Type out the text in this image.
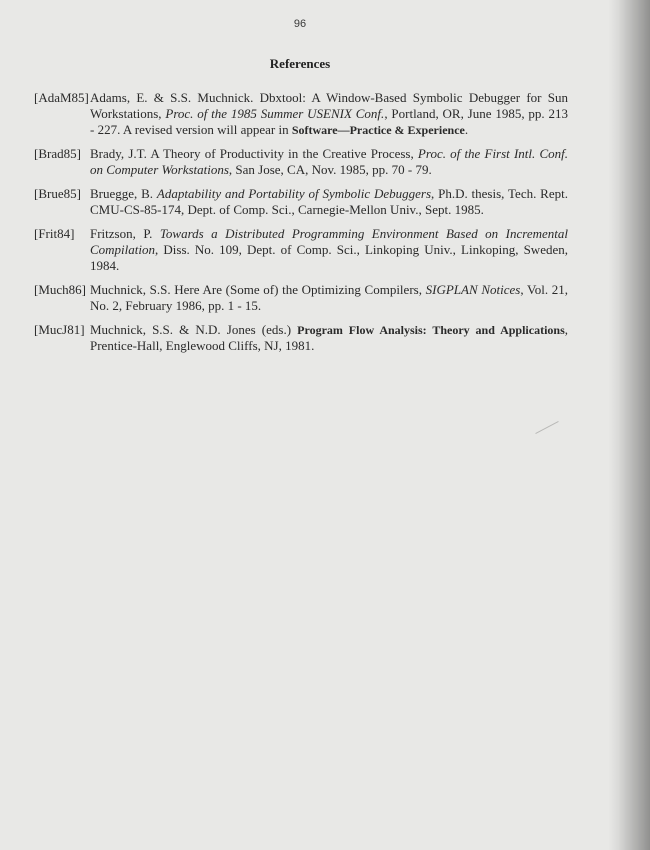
96
References
[AdaM85] Adams, E. & S.S. Muchnick. Dbxtool: A Window-Based Symbolic Debugger for Sun Workstations, Proc. of the 1985 Summer USENIX Conf., Portland, OR, June 1985, pp. 213 - 227. A revised version will appear in Software—Practice & Experience.
[Brad85] Brady, J.T. A Theory of Productivity in the Creative Process, Proc. of the First Intl. Conf. on Computer Workstations, San Jose, CA, Nov. 1985, pp. 70 - 79.
[Brue85] Bruegge, B. Adaptability and Portability of Symbolic Debuggers, Ph.D. thesis, Tech. Rept. CMU-CS-85-174, Dept. of Comp. Sci., Carnegie-Mellon Univ., Sept. 1985.
[Frit84]	Fritzson, P. Towards a Distributed Programming Environment Based on Incremental Compilation, Diss. No. 109, Dept. of Comp. Sci., Linkoping Univ., Linkoping, Sweden, 1984.
[Much86] Muchnick, S.S. Here Are (Some of) the Optimizing Compilers, SIGPLAN Notices, Vol. 21, No. 2, February 1986, pp. 1 - 15.
[MucJ81] Muchnick, S.S. & N.D. Jones (eds.) Program Flow Analysis: Theory and Applications, Prentice-Hall, Englewood Cliffs, NJ, 1981.
